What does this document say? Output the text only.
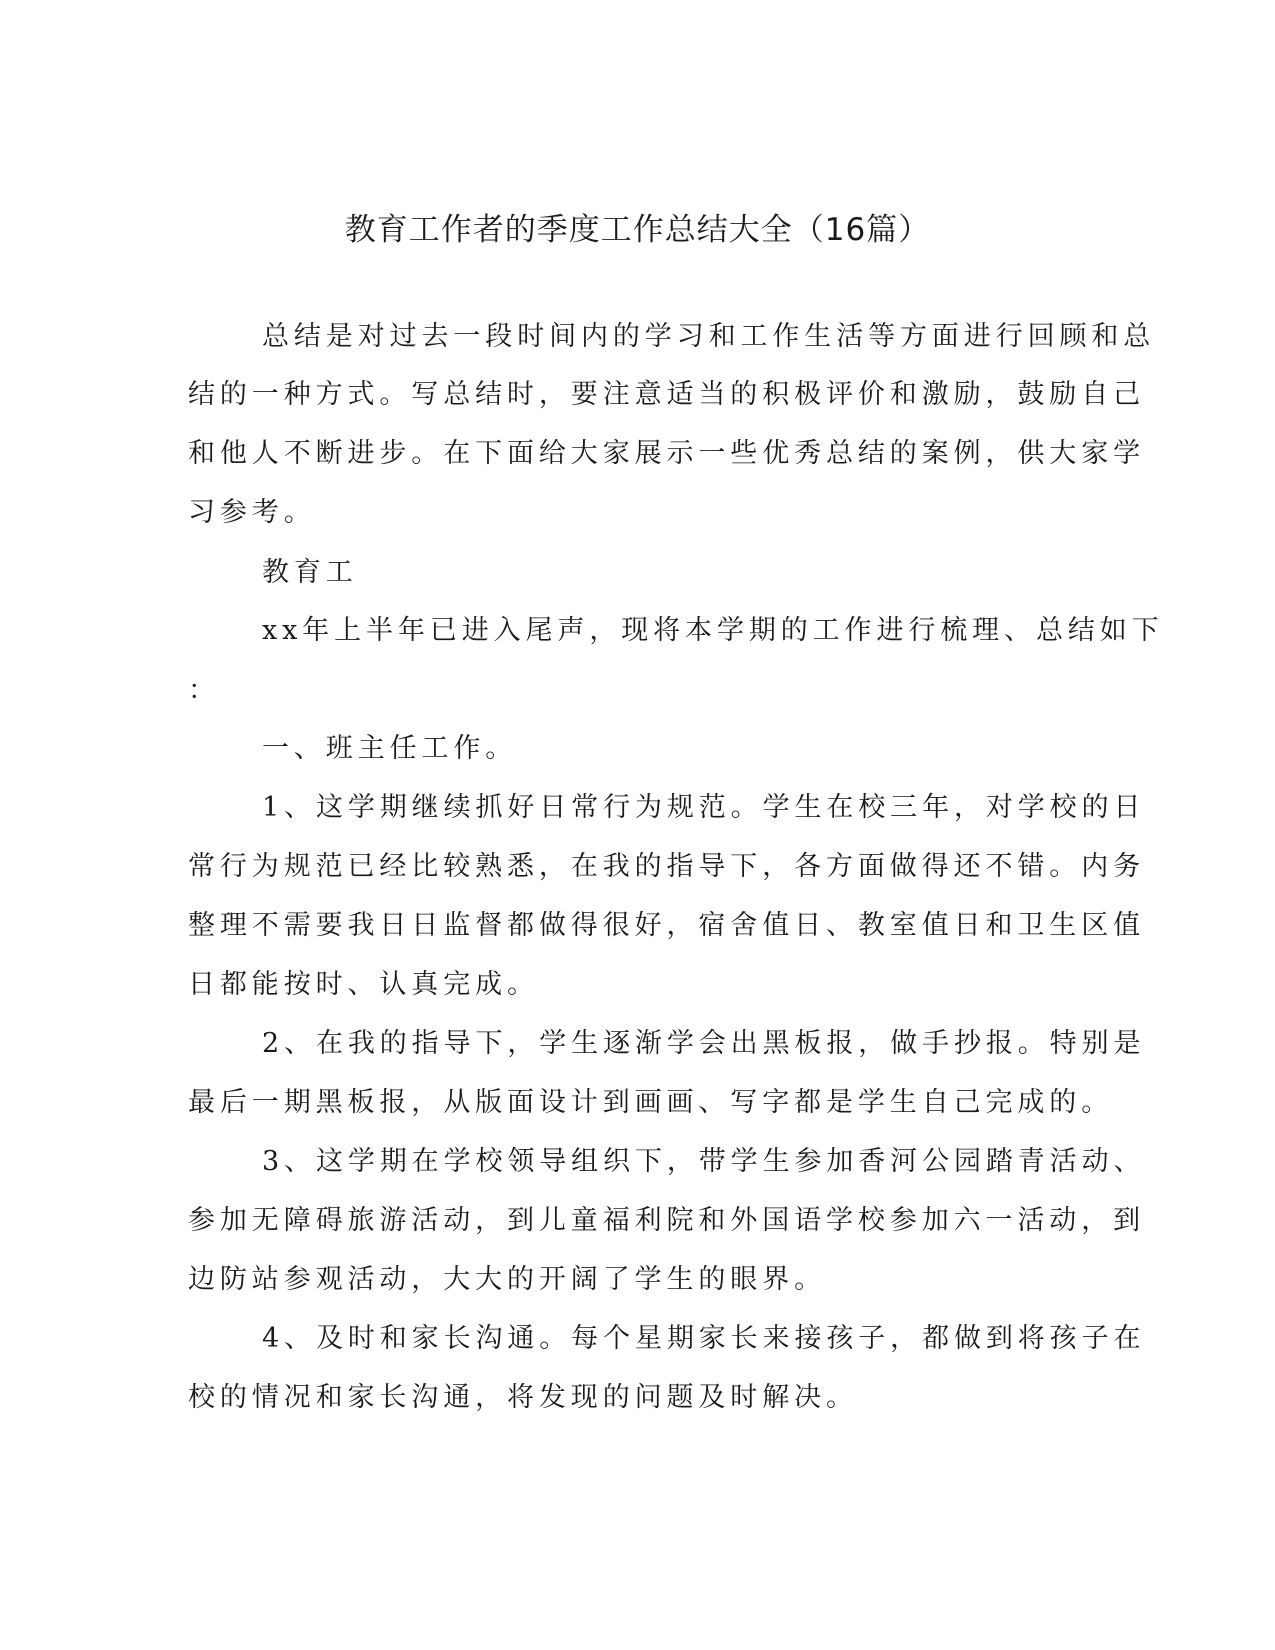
教育工作者的季度工作总结大全（16篇）
总结是对过去一段时间内的学习和工作生活等方面进行回顾和总
结的一种方式。写总结时，要注意适当的积极评价和激励，鼓励自己
和他人不断进步。在下面给大家展示一些优秀总结的案例，供大家学
习参考。
教育工
xx年上半年已进入尾声，现将本学期的工作进行梳理、总结如下
：
一、班主任工作。
1、这学期继续抓好日常行为规范。学生在校三年，对学校的日
常行为规范已经比较熟悉，在我的指导下，各方面做得还不错。内务
整理不需要我日日监督都做得很好，宿舍值日、教室值日和卫生区值
日都能按时、认真完成。
2、在我的指导下，学生逐渐学会出黑板报，做手抄报。特别是
最后一期黑板报，从版面设计到画画、写字都是学生自己完成的。
3、这学期在学校领导组织下，带学生参加香河公园踏青活动、
参加无障碍旅游活动，到儿童福利院和外国语学校参加六一活动，到
边防站参观活动，大大的开阔了学生的眼界。
4、及时和家长沟通。每个星期家长来接孩子，都做到将孩子在
校的情况和家长沟通，将发现的问题及时解决。
